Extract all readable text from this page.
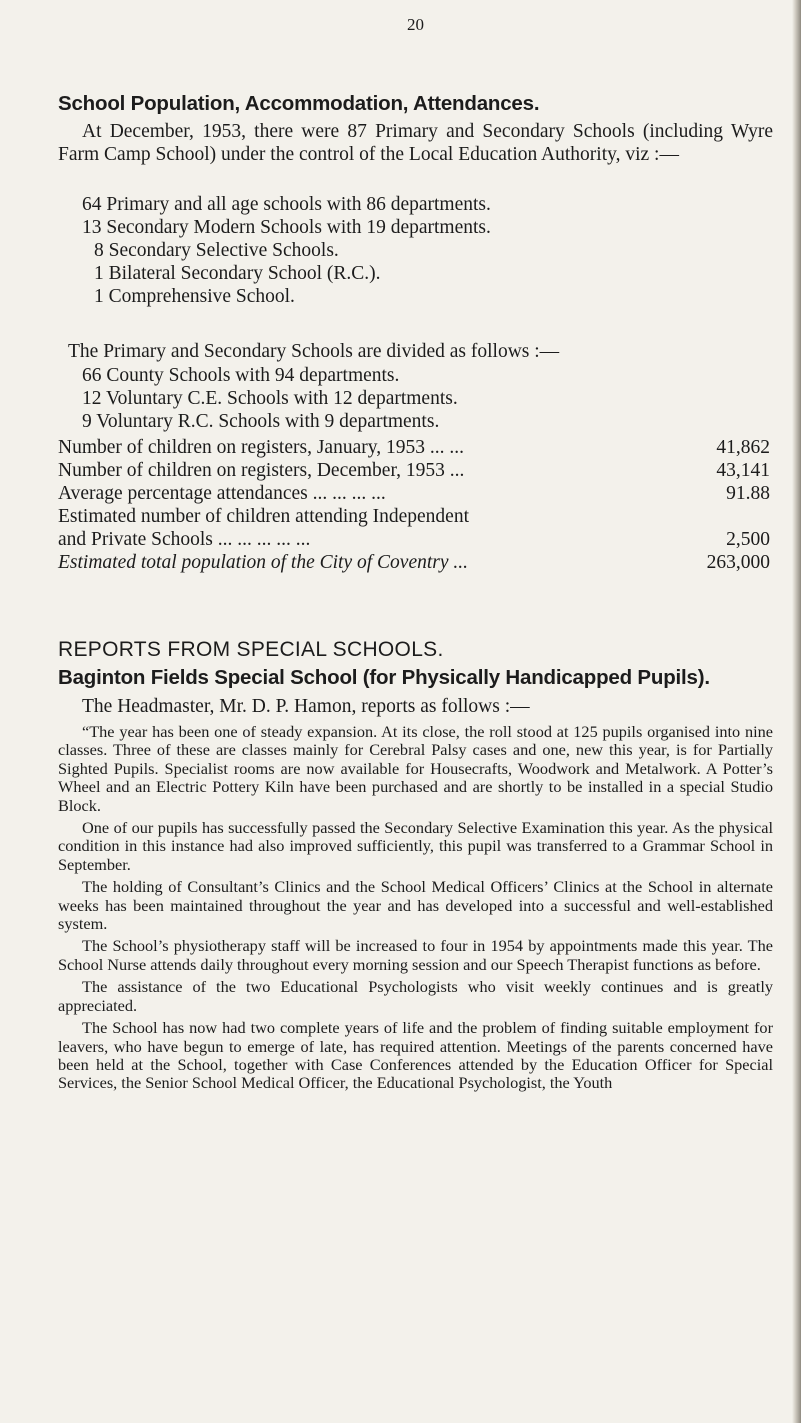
20
School Population, Accommodation, Attendances.
At December, 1953, there were 87 Primary and Secondary Schools (including Wyre Farm Camp School) under the control of the Local Education Authority, viz :—
64 Primary and all age schools with 86 departments.
13 Secondary Modern Schools with 19 departments.
8 Secondary Selective Schools.
1 Bilateral Secondary School (R.C.).
1 Comprehensive School.
The Primary and Secondary Schools are divided as follows :—
66 County Schools with 94 departments.
12 Voluntary C.E. Schools with 12 departments.
9 Voluntary R.C. Schools with 9 departments.
Number of children on registers, January, 1953 ... ...	41,862
Number of children on registers, December, 1953 ...	43,141
Average percentage attendances ... ... ... ...	91.88
Estimated number of children attending Independent	
and Private Schools ... ... ... ... ...	2,500
Estimated total population of the City of Coventry ...	263,000
REPORTS FROM SPECIAL SCHOOLS.
Baginton Fields Special School (for Physically Handicapped Pupils).
The Headmaster, Mr. D. P. Hamon, reports as follows :—

“The year has been one of steady expansion. At its close, the roll stood at 125 pupils organised into nine classes. Three of these are classes mainly for Cerebral Palsy cases and one, new this year, is for Partially Sighted Pupils. Specialist rooms are now available for Housecrafts, Woodwork and Metalwork. A Potter’s Wheel and an Electric Pottery Kiln have been purchased and are shortly to be installed in a special Studio Block.

One of our pupils has successfully passed the Secondary Selective Examination this year. As the physical condition in this instance had also improved sufficiently, this pupil was transferred to a Grammar School in September.

The holding of Consultant’s Clinics and the School Medical Officers’ Clinics at the School in alternate weeks has been maintained throughout the year and has developed into a successful and well-established system.

The School’s physiotherapy staff will be increased to four in 1954 by appointments made this year. The School Nurse attends daily throughout every morning session and our Speech Therapist functions as before.

The assistance of the two Educational Psychologists who visit weekly continues and is greatly appreciated.

The School has now had two complete years of life and the problem of finding suitable employment for leavers, who have begun to emerge of late, has required attention. Meetings of the parents concerned have been held at the School, together with Case Conferences attended by the Education Officer for Special Services, the Senior School Medical Officer, the Educational Psychologist, the Youth
